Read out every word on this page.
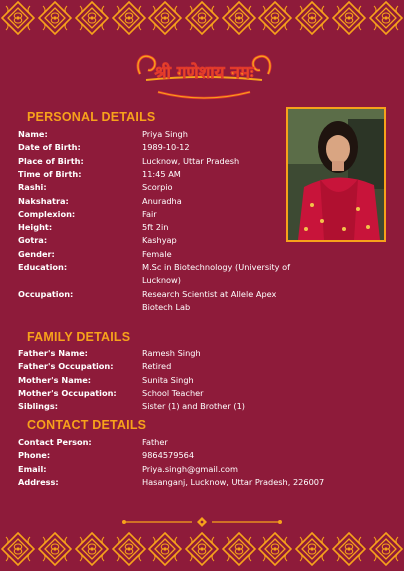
श्री गणेशाय नमः
PERSONAL DETAILS
Name:	Priya Singh
Date of Birth:	1989-10-12
Place of Birth:	Lucknow, Uttar Pradesh
Time of Birth:	11:45 AM
Rashi:	Scorpio
Nakshatra:	Anuradha
Complexion:	Fair
Height:	5ft 2in
Gotra:	Kashyap
Gender:	Female
Education:	M.Sc in Biotechnology (University of Lucknow)
Occupation:	Research Scientist at Allele Apex Biotech Lab
FAMILY DETAILS
Father's Name:	Ramesh Singh
Father's Occupation:	Retired
Mother's Name:	Sunita Singh
Mother's Occupation:	School Teacher
Siblings:	Sister (1) and Brother (1)
CONTACT DETAILS
Contact Person:	Father
Phone:	9864579564
Email:	Priya.singh@gmail.com
Address:	Hasanganj, Lucknow, Uttar Pradesh, 226007
